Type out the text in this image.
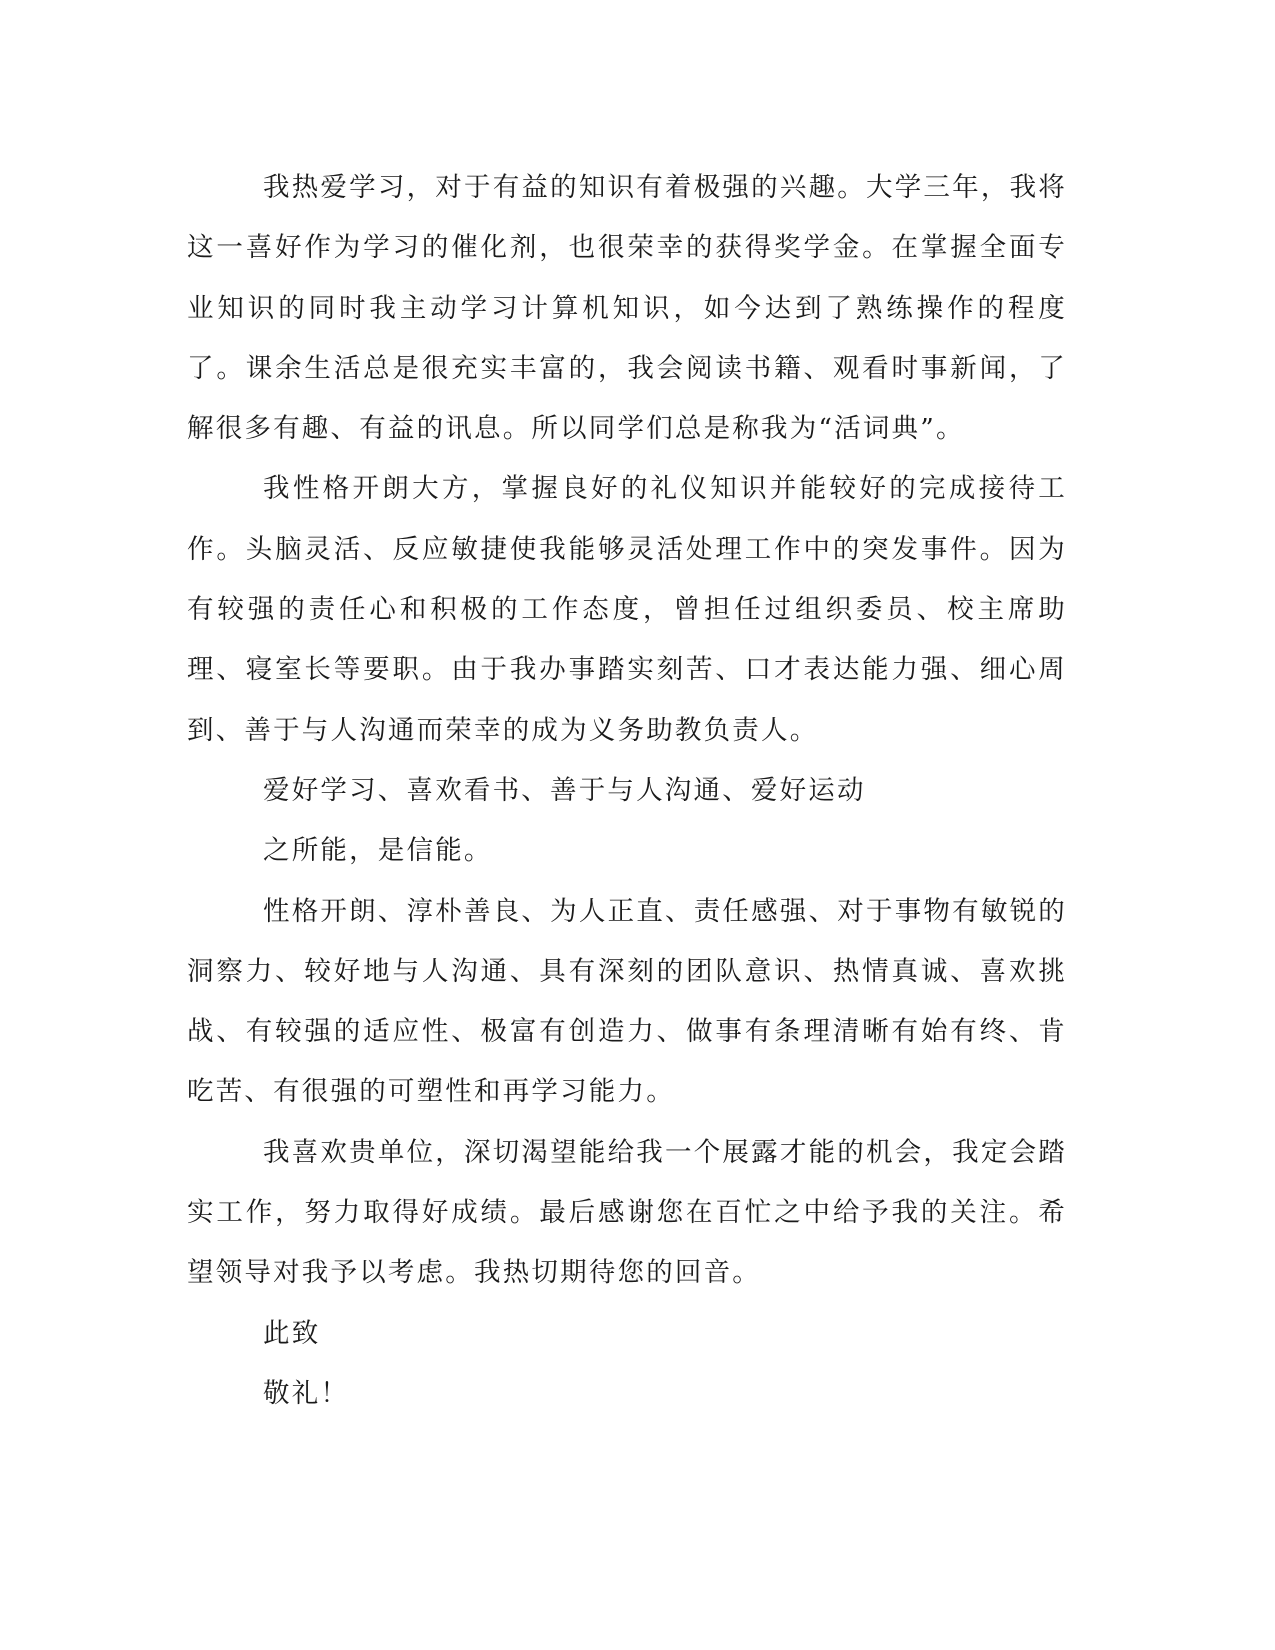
我热爱学习，对于有益的知识有着极强的兴趣。大学三年，我将这一喜好作为学习的催化剂，也很荣幸的获得奖学金。在掌握全面专业知识的同时我主动学习计算机知识，如今达到了熟练操作的程度了。课余生活总是很充实丰富的，我会阅读书籍、观看时事新闻，了解很多有趣、有益的讯息。所以同学们总是称我为“活词典”。

我性格开朗大方，掌握良好的礼仪知识并能较好的完成接待工作。头脑灵活、反应敏捷使我能够灵活处理工作中的突发事件。因为有较强的责任心和积极的工作态度，曾担任过组织委员、校主席助理、寝室长等要职。由于我办事踏实刻苦、口才表达能力强、细心周到、善于与人沟通而荣幸的成为义务助教负责人。

爱好学习、喜欢看书、善于与人沟通、爱好运动

之所能，是信能。

性格开朗、淳朴善良、为人正直、责任感强、对于事物有敏锐的洞察力、较好地与人沟通、具有深刻的团队意识、热情真诚、喜欢挑战、有较强的适应性、极富有创造力、做事有条理清晰有始有终、肯吃苦、有很强的可塑性和再学习能力。

我喜欢贵单位，深切渴望能给我一个展露才能的机会，我定会踏实工作，努力取得好成绩。最后感谢您在百忙之中给予我的关注。希望领导对我予以考虑。我热切期待您的回音。

此致

敬礼！
